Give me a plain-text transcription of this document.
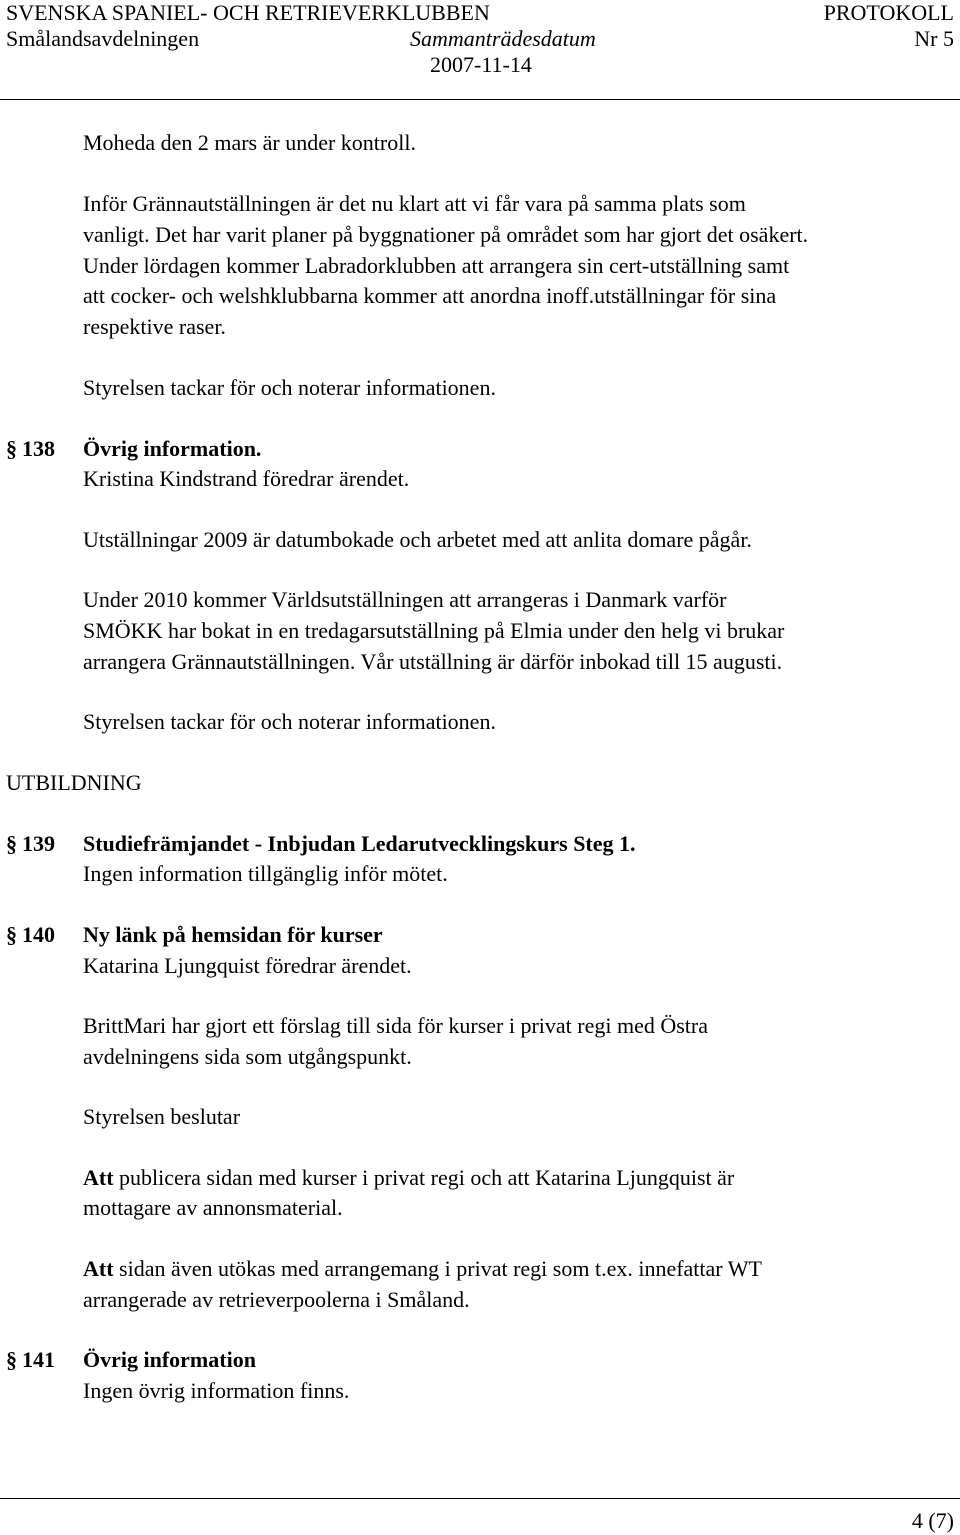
SVENSKA SPANIEL- OCH RETRIEVERKLUBBEN	PROTOKOLL
Smålandsavdelningen	Sammanträdesdatum	Nr 5
2007-11-14
Moheda den 2 mars är under kontroll.
Inför Grännautställningen är det nu klart att vi får vara på samma plats som
vanligt. Det har varit planer på byggnationer på området som har gjort det osäkert.
Under lördagen kommer Labradorklubben att arrangera sin cert-utställning samt
att cocker- och welshklubbarna kommer att anordna inoff.utställningar för sina
respektive raser.
Styrelsen tackar för och noterar informationen.
§ 138 Övrig information.
Kristina Kindstrand föredrar ärendet.
Utställningar 2009 är datumbokade och arbetet med att anlita domare pågår.
Under 2010 kommer Världsutställningen att arrangeras i Danmark varför
SMÖKK har bokat in en tredagarsutställning på Elmia under den helg vi brukar
arrangera Grännautställningen. Vår utställning är därför inbokad till 15 augusti.
Styrelsen tackar för och noterar informationen.
UTBILDNING
§ 139 Studiefrämjandet - Inbjudan Ledarutvecklingskurs Steg 1.
Ingen information tillgänglig inför mötet.
§ 140 Ny länk på hemsidan för kurser
Katarina Ljungquist föredrar ärendet.
BrittMari har gjort ett förslag till sida för kurser i privat regi med Östra
avdelningens sida som utgångspunkt.
Styrelsen beslutar
Att publicera sidan med kurser i privat regi och att Katarina Ljungquist är
mottagare av annonsmaterial.
Att sidan även utökas med arrangemang i privat regi som t.ex. innefattar WT
arrangerade av retrieverpoolerna i Småland.
§ 141 Övrig information
Ingen övrig information finns.
4 (7)
